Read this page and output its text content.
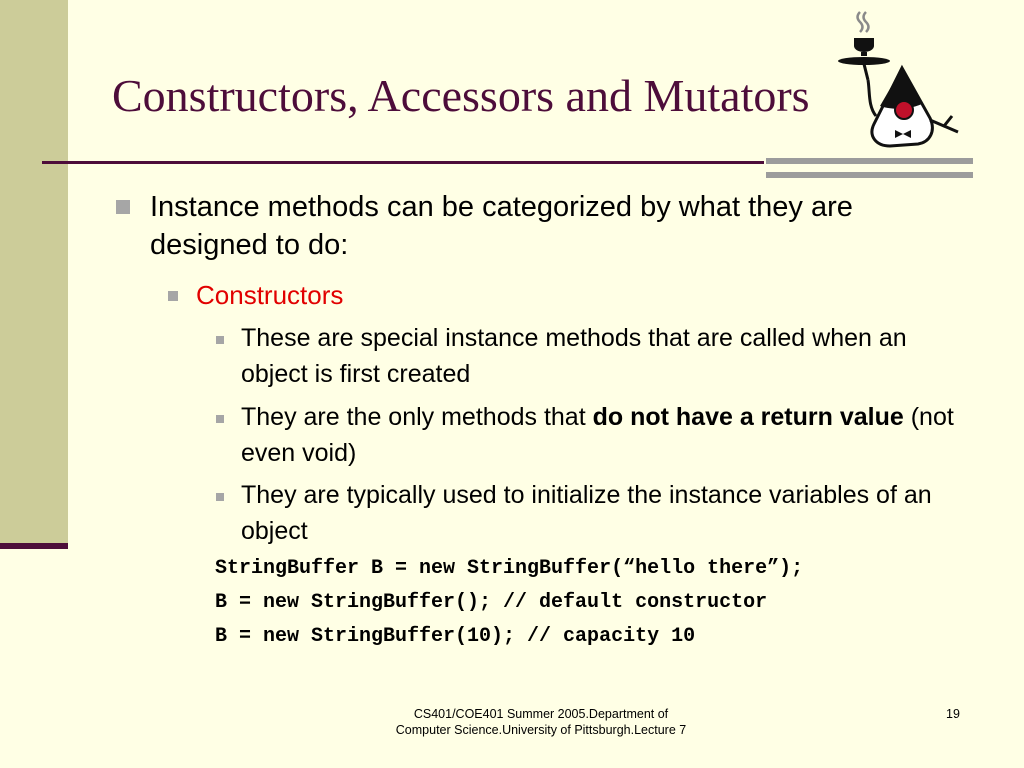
Constructors, Accessors and Mutators

Instance methods can be categorized by what they are designed to do:

Constructors

These are special instance methods that are called when an object is first created

They are the only methods that do not have a return value (not even void)

They are typically used to initialize the instance variables of an object

StringBuffer B = new StringBuffer(“hello there”);

B = new StringBuffer(); // default constructor

B = new StringBuffer(10); // capacity 10

CS401/COE401 Summer 2005.Department of Computer Science.University of Pittsburgh.Lecture 7

19
